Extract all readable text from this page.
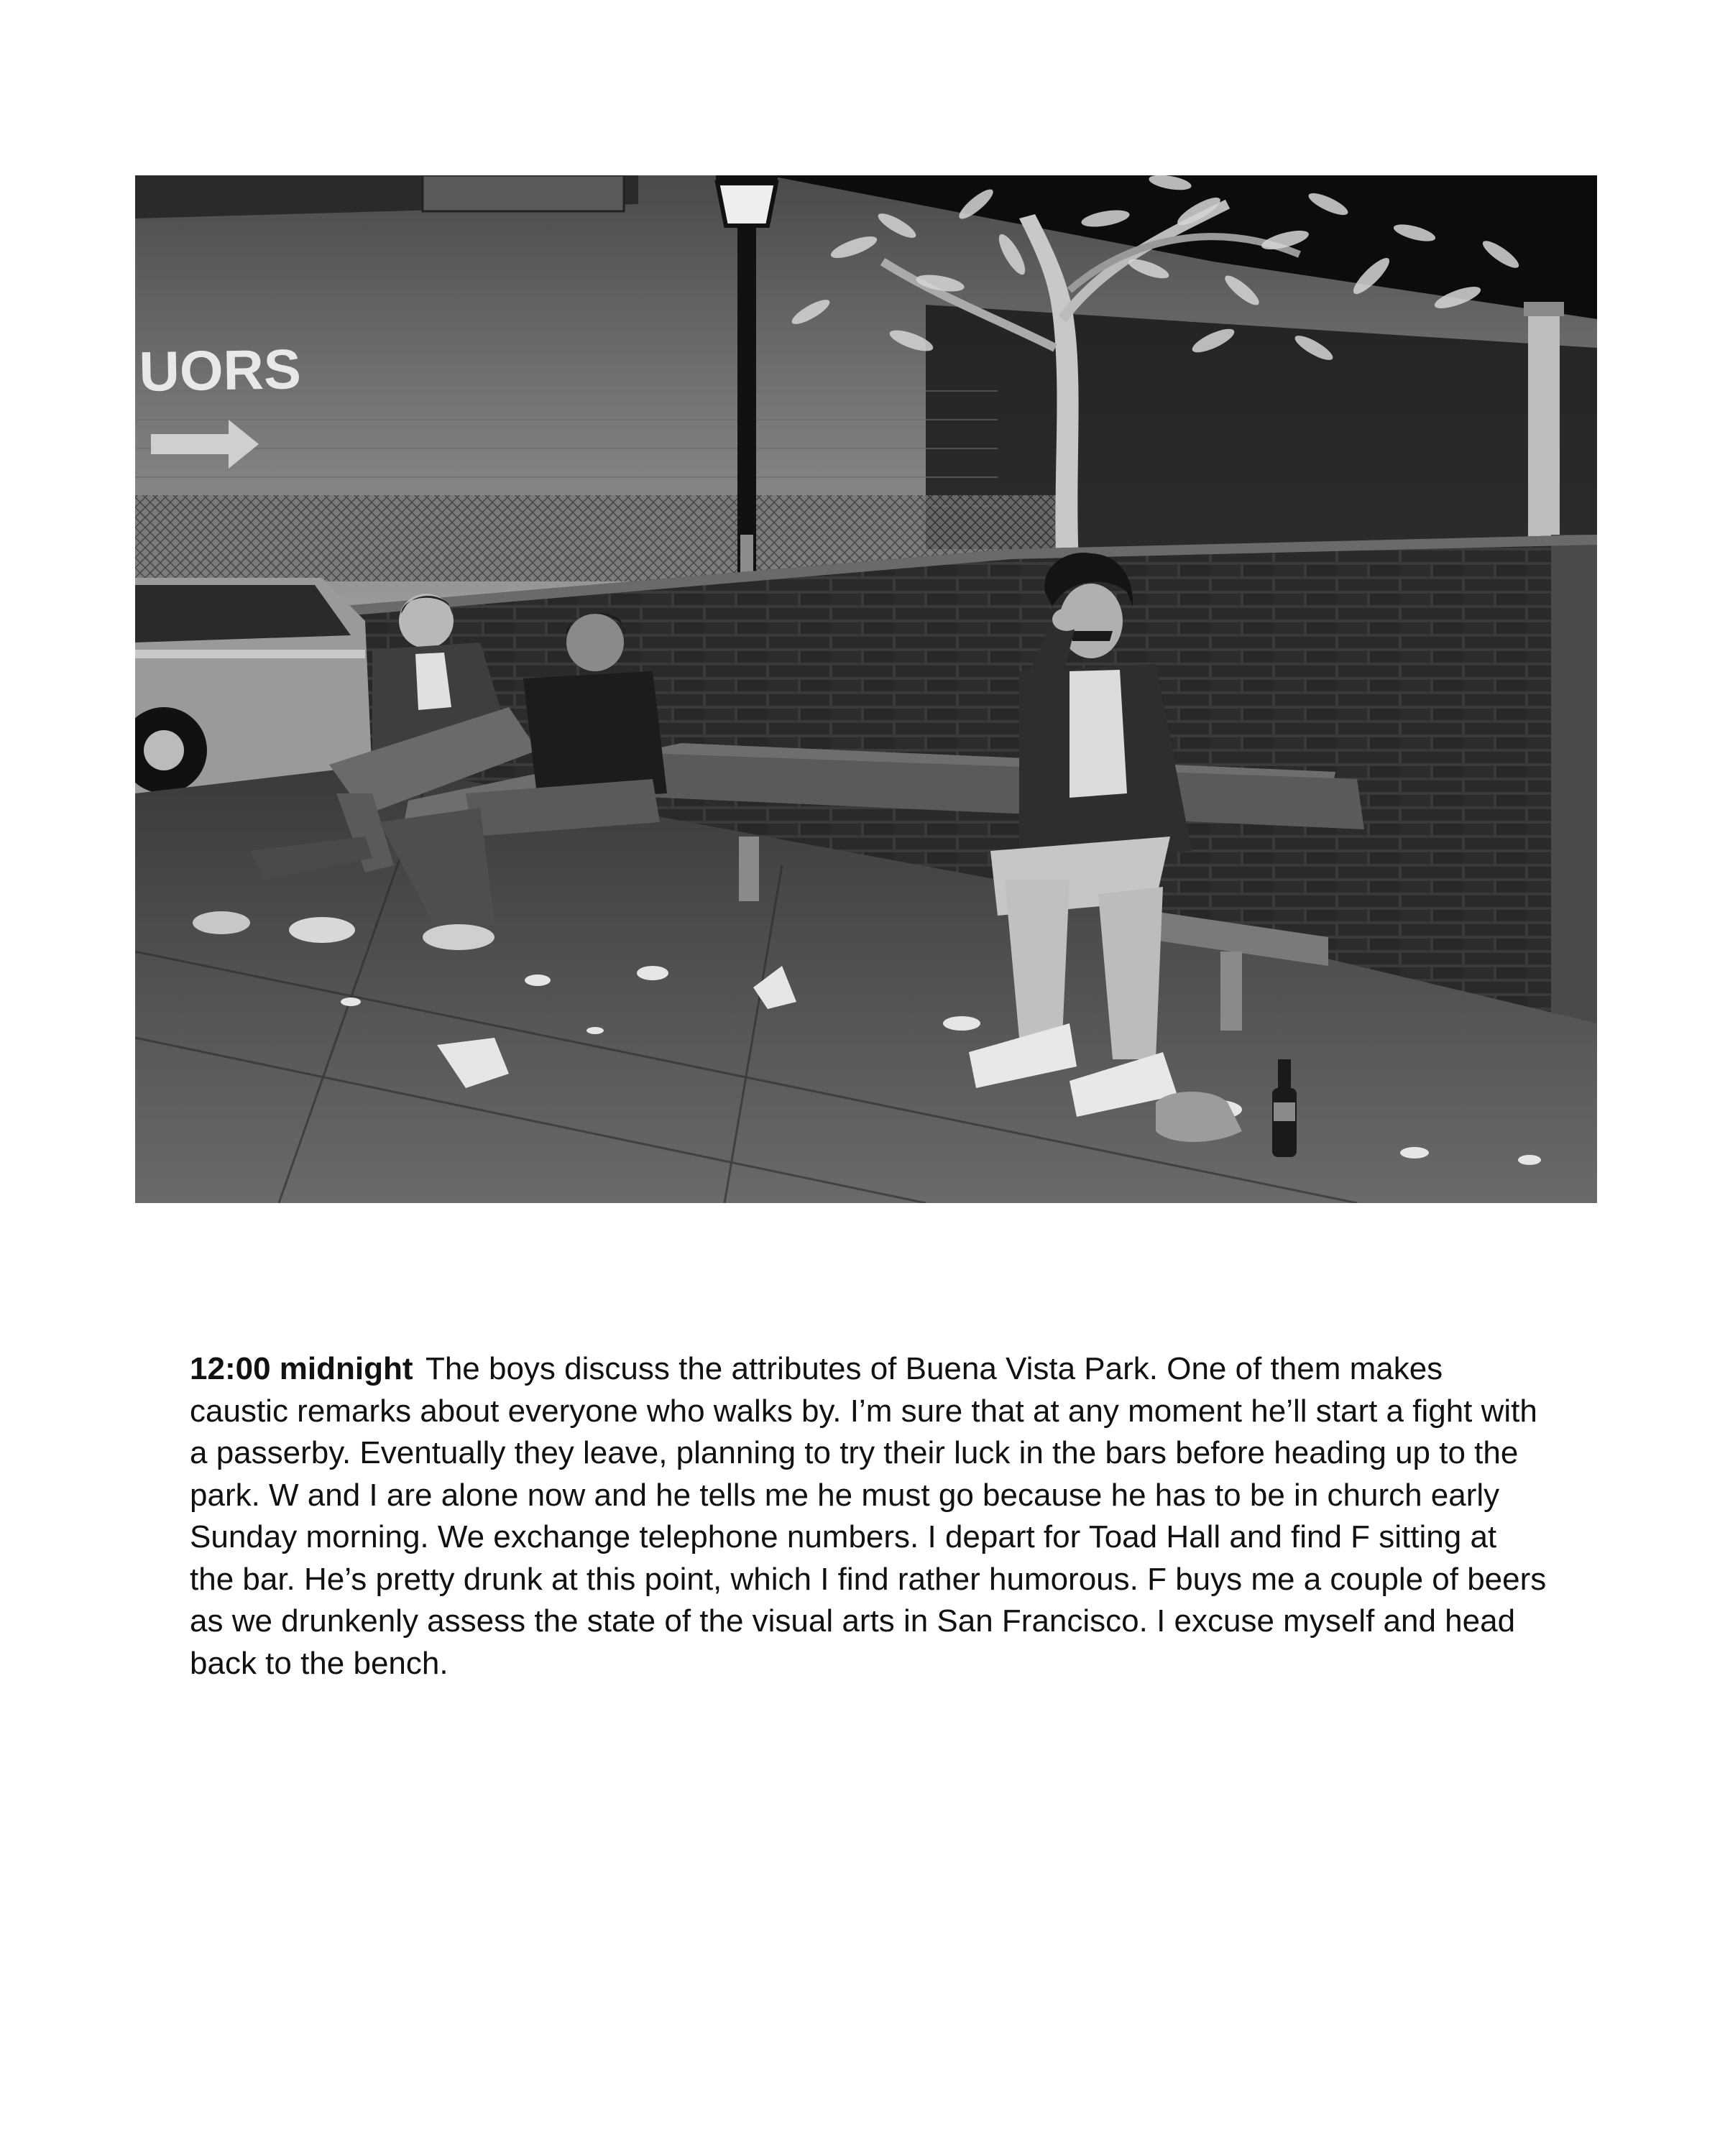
UORS

12:00 midnight The boys discuss the attributes of Buena Vista Park. One of them makes caustic remarks about everyone who walks by. I’m sure that at any moment he’ll start a fight with a passerby. Eventually they leave, planning to try their luck in the bars before heading up to the park. W and I are alone now and he tells me he must go because he has to be in church early Sunday morning. We exchange telephone numbers. I depart for Toad Hall and find F sitting at the bar. He’s pretty drunk at this point, which I find rather humorous. F buys me a couple of beers as we drunkenly assess the state of the visual arts in San Francisco. I excuse myself and head back to the bench.
